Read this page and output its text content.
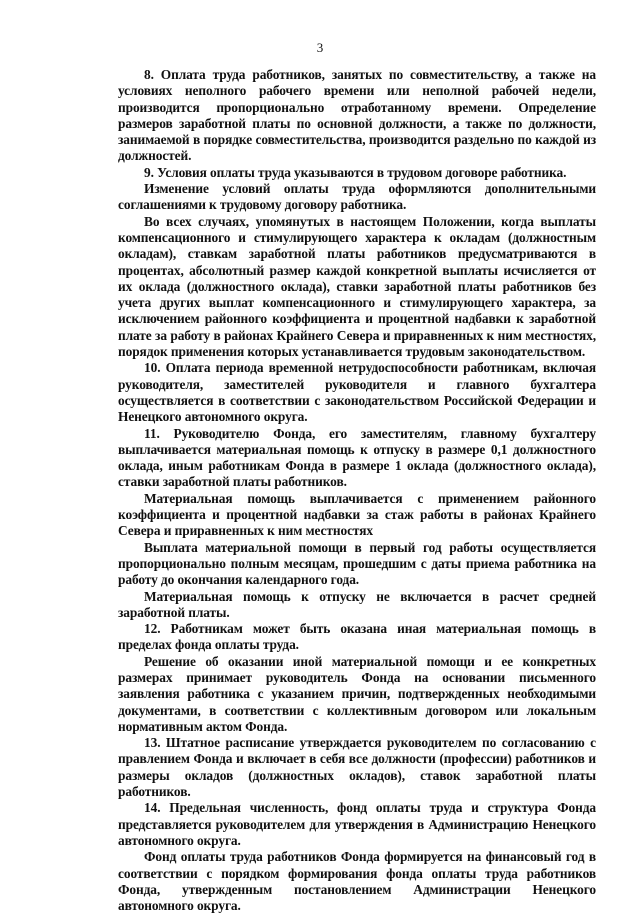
3

8. Оплата труда работников, занятых по совместительству, а также на условиях неполного рабочего времени или неполной рабочей недели, производится пропорционально отработанному времени. Определение размеров заработной платы по основной должности, а также по должности, занимаемой в порядке совместительства, производится раздельно по каждой из должностей.

9. Условия оплаты труда указываются в трудовом договоре работника.

Изменение условий оплаты труда оформляются дополнительными соглашениями к трудовому договору работника.

Во всех случаях, упомянутых в настоящем Положении, когда выплаты компенсационного и стимулирующего характера к окладам (должностным окладам), ставкам заработной платы работников предусматриваются в процентах, абсолютный размер каждой конкретной выплаты исчисляется от их оклада (должностного оклада), ставки заработной платы работников без учета других выплат компенсационного и стимулирующего характера, за исключением районного коэффициента и процентной надбавки к заработной плате за работу в районах Крайнего Севера и приравненных к ним местностях, порядок применения которых устанавливается трудовым законодательством.

10. Оплата периода временной нетрудоспособности работникам, включая руководителя, заместителей руководителя и главного бухгалтера осуществляется в соответствии с законодательством Российской Федерации и Ненецкого автономного округа.

11. Руководителю Фонда, его заместителям, главному бухгалтеру выплачивается материальная помощь к отпуску в размере 0,1 должностного оклада, иным работникам Фонда в размере 1 оклада (должностного оклада), ставки заработной платы работников.

Материальная помощь выплачивается с применением районного коэффициента и процентной надбавки за стаж работы в районах Крайнего Севера и приравненных к ним местностях

Выплата материальной помощи в первый год работы осуществляется пропорционально полным месяцам, прошедшим с даты приема работника на работу до окончания календарного года.

Материальная помощь к отпуску не включается в расчет средней заработной платы.

12. Работникам может быть оказана иная материальная помощь в пределах фонда оплаты труда.

Решение об оказании иной материальной помощи и ее конкретных размерах принимает руководитель Фонда на основании письменного заявления работника с указанием причин, подтвержденных необходимыми документами, в соответствии с коллективным договором или локальным нормативным актом Фонда.

13. Штатное расписание утверждается руководителем по согласованию с правлением Фонда и включает в себя все должности (профессии) работников и размеры окладов (должностных окладов), ставок заработной платы работников.

14. Предельная численность, фонд оплаты труда и структура Фонда представляется руководителем для утверждения в Администрацию Ненецкого автономного округа.

Фонд оплаты труда работников Фонда формируется на финансовый год в соответствии с порядком формирования фонда оплаты труда работников Фонда, утвержденным постановлением Администрации Ненецкого автономного округа.
